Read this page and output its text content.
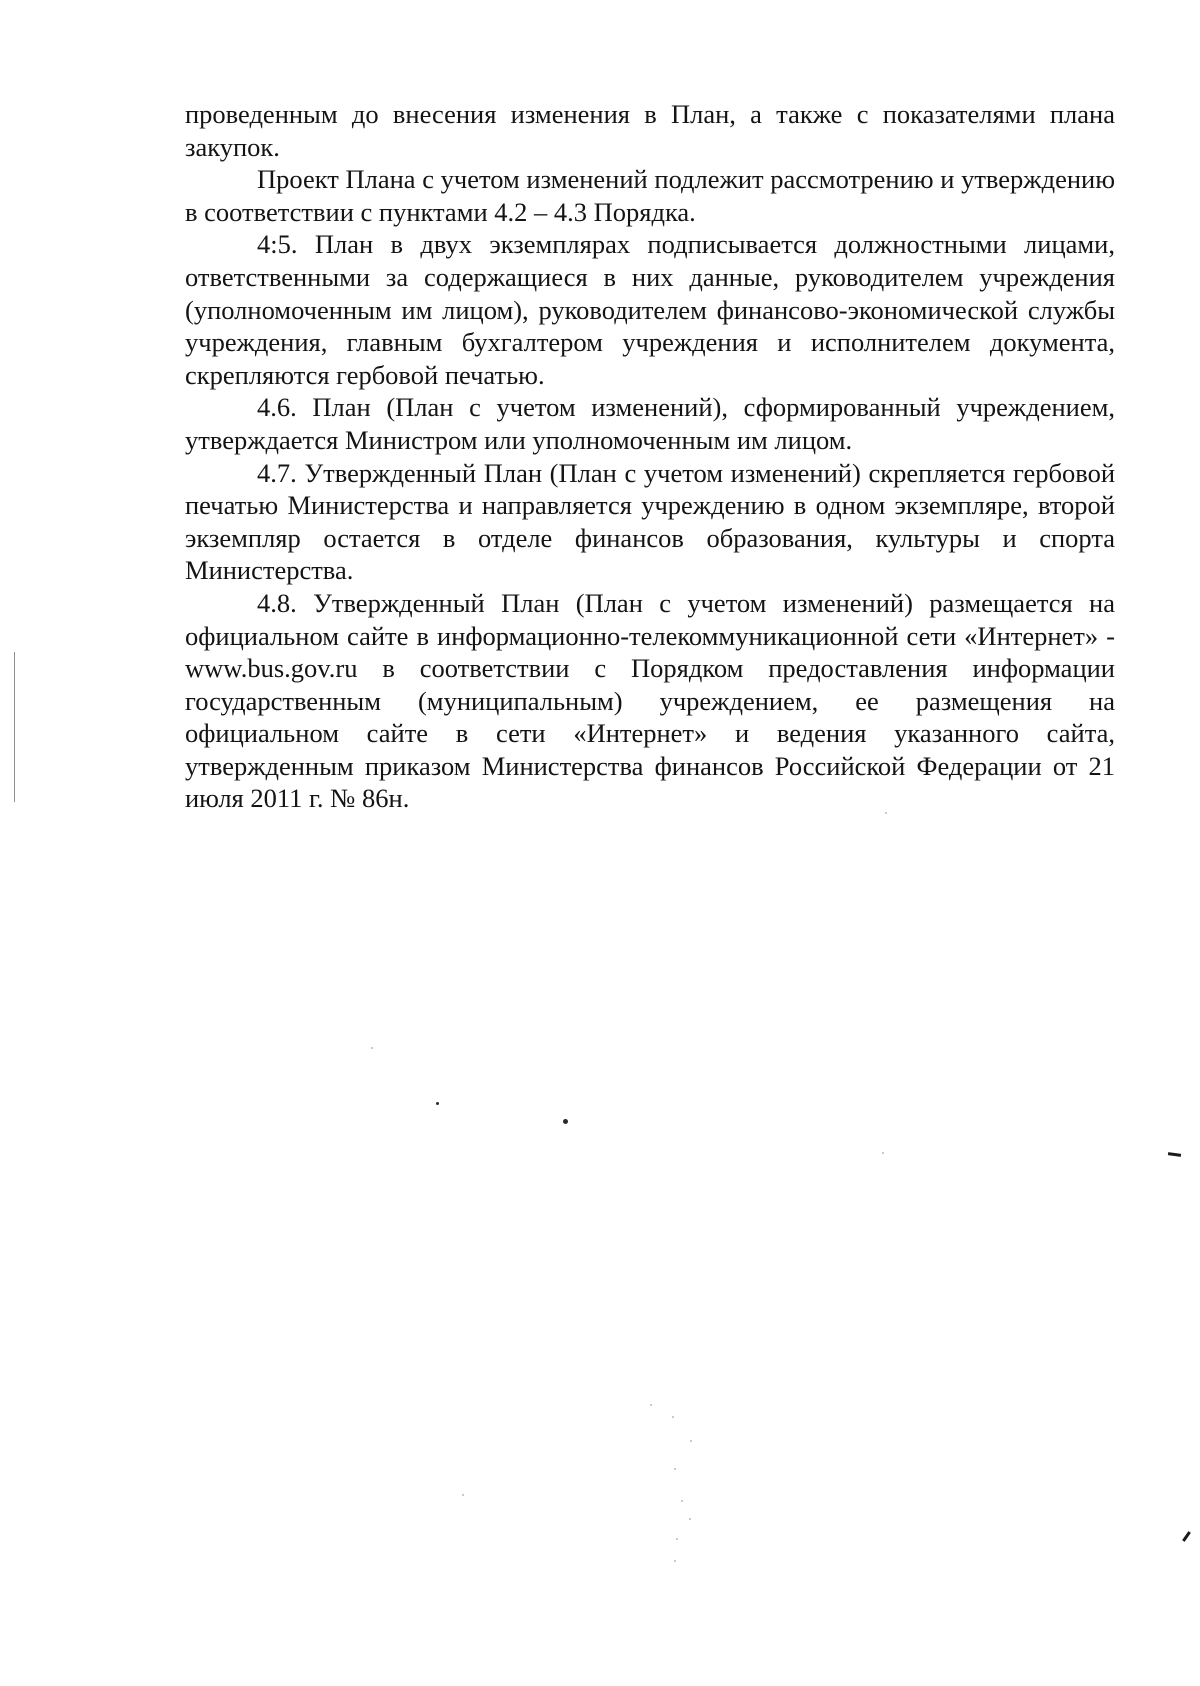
проведенным до внесения изменения в План, а также с показателями плана закупок.

Проект Плана с учетом изменений подлежит рассмотрению и утверждению в соответствии с пунктами 4.2 – 4.3 Порядка.

4:5. План в двух экземплярах подписывается должностными лицами, ответственными за содержащиеся в них данные, руководителем учреждения (уполномоченным им лицом), руководителем финансово-экономической службы учреждения, главным бухгалтером учреждения и исполнителем документа, скрепляются гербовой печатью.

4.6. План (План с учетом изменений), сформированный учреждением, утверждается Министром или уполномоченным им лицом.

4.7. Утвержденный План (План с учетом изменений) скрепляется гербовой печатью Министерства и направляется учреждению в одном экземпляре, второй экземпляр остается в отделе финансов образования, культуры и спорта Министерства.

4.8. Утвержденный План (План с учетом изменений) размещается на официальном сайте в информационно-телекоммуникационной сети «Интернет» - www.bus.gov.ru в соответствии с Порядком предоставления информации государственным (муниципальным) учреждением, ее размещения на официальном сайте в сети «Интернет» и ведения указанного сайта, утвержденным приказом Министерства финансов Российской Федерации от 21 июля 2011 г. № 86н.
